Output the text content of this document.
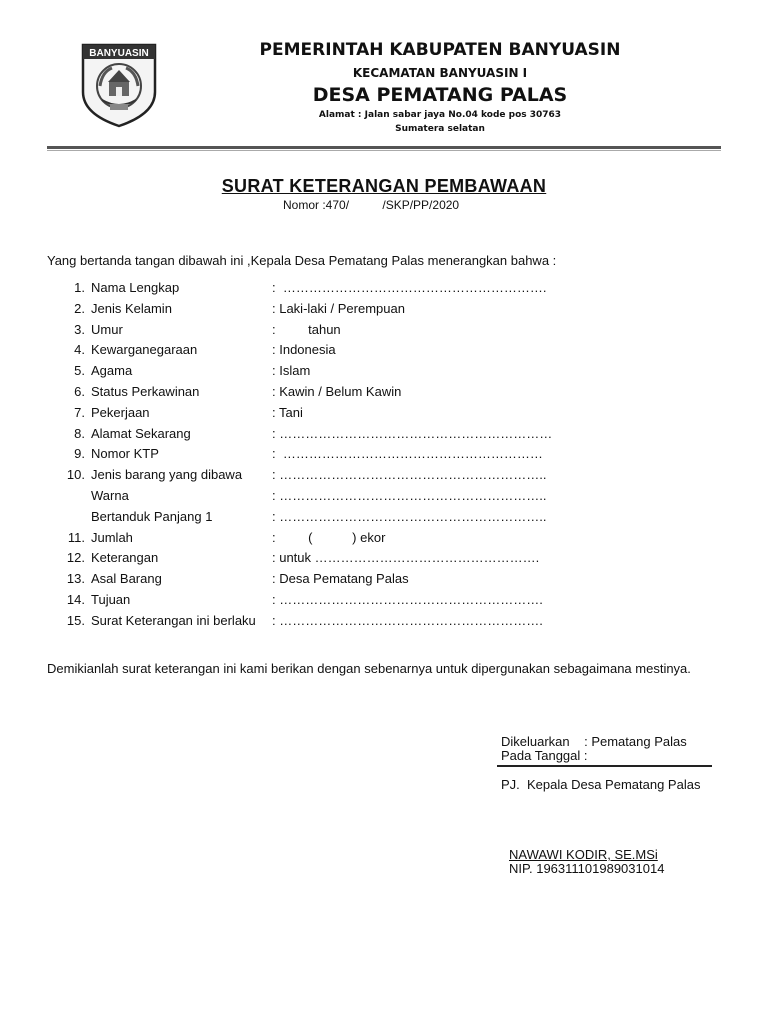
BANYUASIN	PEMERINTAH KABUPATEN BANYUASIN
KECAMATAN BANYUASIN I
DESA PEMATANG PALAS
Alamat : Jalan sabar jaya No.04 kode pos 30763
Sumatera selatan
SURAT KETERANGAN PEMBAWAAN
Nomor :470/          /SKP/PP/2020
Yang bertanda tangan dibawah ini ,Kepala Desa Pematang Palas menerangkan bahwa :
1. Nama Lengkap	:  …………………………………………………….
2. Jenis Kelamin	: Laki-laki / Perempuan
3. Umur	:         tahun
4. Kewarganegaraan	: Indonesia
5. Agama	: Islam
6. Status Perkawinan	: Kawin / Belum Kawin
7. Pekerjaan	: Tani
8. Alamat Sekarang	: ………………………………………………………
9. Nomor KTP	:  ……………………………………………………
10. Jenis barang yang dibawa : ……………………………………………………..
Warna	: ……………………………………………………..
Bertanduk Panjang 1	: ……………………………………………………..
11. Jumlah	:         (           ) ekor
12. Keterangan	: untuk …………………………………………….
13. Asal Barang	: Desa Pematang Palas
14. Tujuan	: …………………………………………………….
15. Surat Keterangan ini berlaku : …………………………………………………….
Demikianlah surat keterangan ini kami berikan dengan sebenarnya untuk dipergunakan sebagaimana mestinya.
Dikeluarkan    : Pematang Palas
Pada Tanggal :
PJ.  Kepala Desa Pematang Palas
NAWAWI KODIR, SE.MSi
NIP. 196311101989031014
